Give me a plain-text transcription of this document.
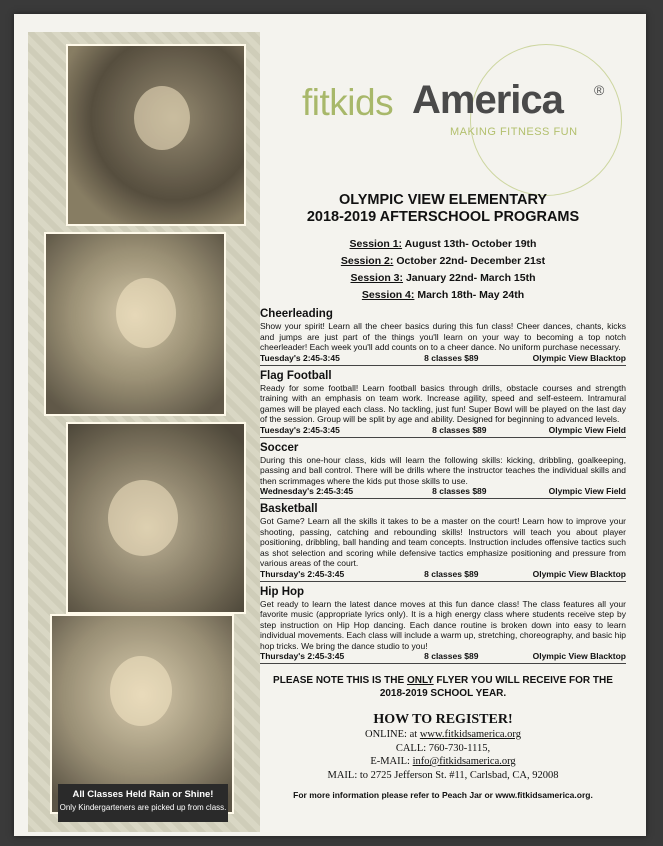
All Classes Held Rain or Shine!
Only Kindergarteners are picked up from class.
fitkids America ®
MAKING FITNESS FUN
OLYMPIC VIEW ELEMENTARY
2018-2019 AFTERSCHOOL PROGRAMS
Session 1: August 13th- October 19th
Session 2: October 22nd- December 21st
Session 3: January 22nd- March 15th
Session 4: March 18th- May 24th
Cheerleading
Show your spirit! Learn all the cheer basics during this fun class! Cheer dances, chants, kicks and jumps are just part of the things you'll learn on your way to becoming a top notch cheerleader! Each week you'll add counts on to a cheer dance. No uniform purchase necessary.
Tuesday's 2:45-3:45	8 classes $89	Olympic View Blacktop
Flag Football
Ready for some football! Learn football basics through drills, obstacle courses and strength training with an emphasis on team work. Increase agility, speed and self-esteem. Intramural games will be played each class. No tackling, just fun! Super Bowl will be played on the last day of the session. Group will be split by age and ability. Designed for beginning to advanced levels.
Tuesday's 2:45-3:45	8 classes $89	Olympic View Field
Soccer
During this one-hour class, kids will learn the following skills: kicking, dribbling, goalkeeping, passing and ball control. There will be drills where the instructor teaches the individual skills and then scrimmages where the kids put those skills to use.
Wednesday's 2:45-3:45	8 classes $89	Olympic View Field
Basketball
Got Game? Learn all the skills it takes to be a master on the court! Learn how to improve your shooting, passing, catching and rebounding skills! Instructors will teach you about player positioning, dribbling, ball handing and team concepts. Instruction includes offensive tactics such as shot selection and scoring while defensive tactics emphasize positioning and pressure from various areas of the court.
Thursday's 2:45-3:45	8 classes $89	Olympic View Blacktop
Hip Hop
Get ready to learn the latest dance moves at this fun dance class! The class features all your favorite music (appropriate lyrics only). It is a high energy class where students receive step by step instruction on Hip Hop dancing. Each dance routine is broken down into easy to learn individual movements. Each class will include a warm up, stretching, choreography, and basic hip hop tricks. We bring the dance studio to you!
Thursday's 2:45-3:45	8 classes $89	Olympic View Blacktop
PLEASE NOTE THIS IS THE ONLY FLYER YOU WILL RECEIVE FOR THE
2018-2019 SCHOOL YEAR.
HOW TO REGISTER!
ONLINE: at www.fitkidsamerica.org
CALL: 760-730-1115,
E-MAIL: info@fitkidsamerica.org
MAIL: to 2725 Jefferson St. #11, Carlsbad, CA, 92008
For more information please refer to Peach Jar or www.fitkidsamerica.org.
